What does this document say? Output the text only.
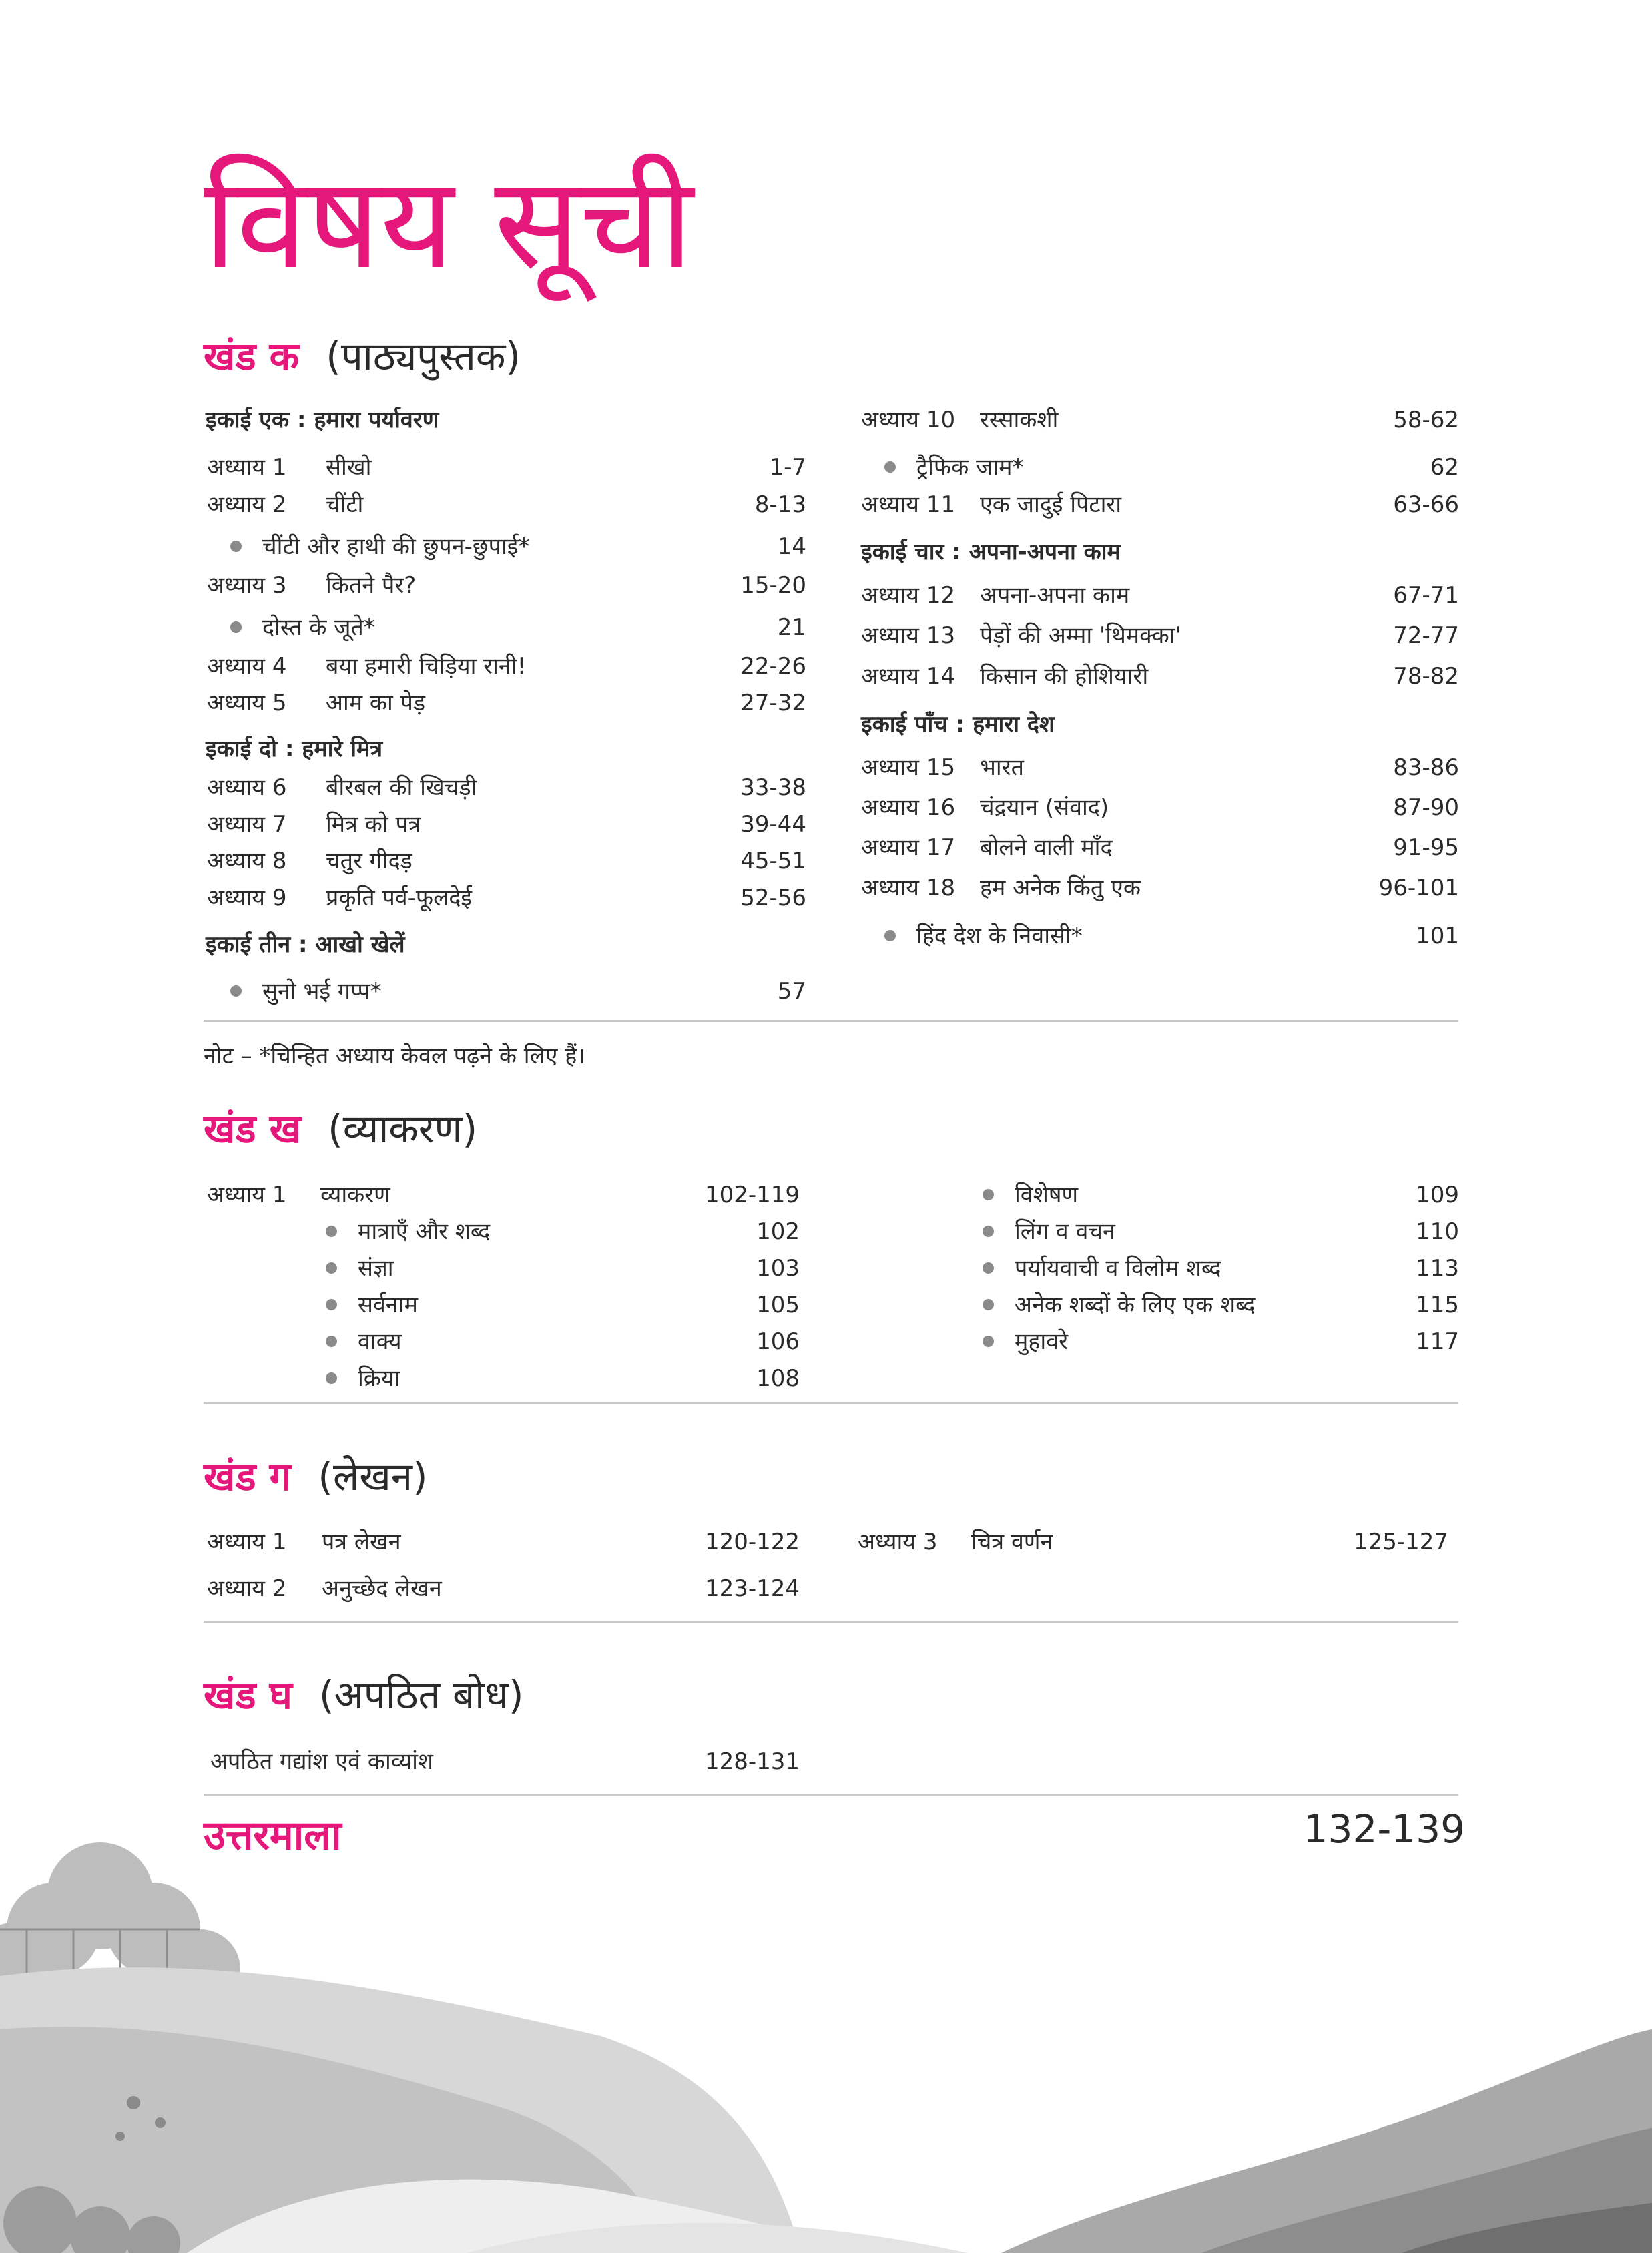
विषय सूची
खंड क (पाठ्यपुस्तक)
इकाई एक : हमारा पर्यावरण
अध्याय 1 सीखो	1-7
अध्याय 2 चींटी	8-13
चींटी और हाथी की छुपन-छुपाई*	14
अध्याय 3 कितने पैर?	15-20
दोस्त के जूते*	21
अध्याय 4 बया हमारी चिड़िया रानी!	22-26
अध्याय 5 आम का पेड़	27-32
इकाई दो : हमारे मित्र
अध्याय 6 बीरबल की खिचड़ी	33-38
अध्याय 7 मित्र को पत्र	39-44
अध्याय 8 चतुर गीदड़	45-51
अध्याय 9 प्रकृति पर्व-फूलदेई	52-56
इकाई तीन : आखो खेलें
सुनो भई गप्प*	57
अध्याय 10 रस्साकशी	58-62
ट्रैफिक जाम*	62
अध्याय 11 एक जादुई पिटारा	63-66
इकाई चार : अपना-अपना काम
अध्याय 12 अपना-अपना काम	67-71
अध्याय 13 पेड़ों की अम्मा 'थिमक्का'	72-77
अध्याय 14 किसान की होशियारी	78-82
इकाई पाँच : हमारा देश
अध्याय 15 भारत	83-86
अध्याय 16 चंद्रयान (संवाद)	87-90
अध्याय 17 बोलने वाली माँद	91-95
अध्याय 18 हम अनेक किंतु एक	96-101
हिंद देश के निवासी*	101
नोट – *चिन्हित अध्याय केवल पढ़ने के लिए हैं।
खंड ख (व्याकरण)
अध्याय 1 व्याकरण	102-119
मात्राएँ और शब्द	102
संज्ञा	103
सर्वनाम	105
वाक्य	106
क्रिया	108
विशेषण	109
लिंग व वचन	110
पर्यायवाची व विलोम शब्द	113
अनेक शब्दों के लिए एक शब्द	115
मुहावरे	117
खंड ग (लेखन)
अध्याय 1 पत्र लेखन	120-122
अध्याय 2 अनुच्छेद लेखन	123-124
अध्याय 3 चित्र वर्णन	125-127
खंड घ (अपठित बोध)
अपठित गद्यांश एवं काव्यांश	128-131
उत्तरमाला	132-139
